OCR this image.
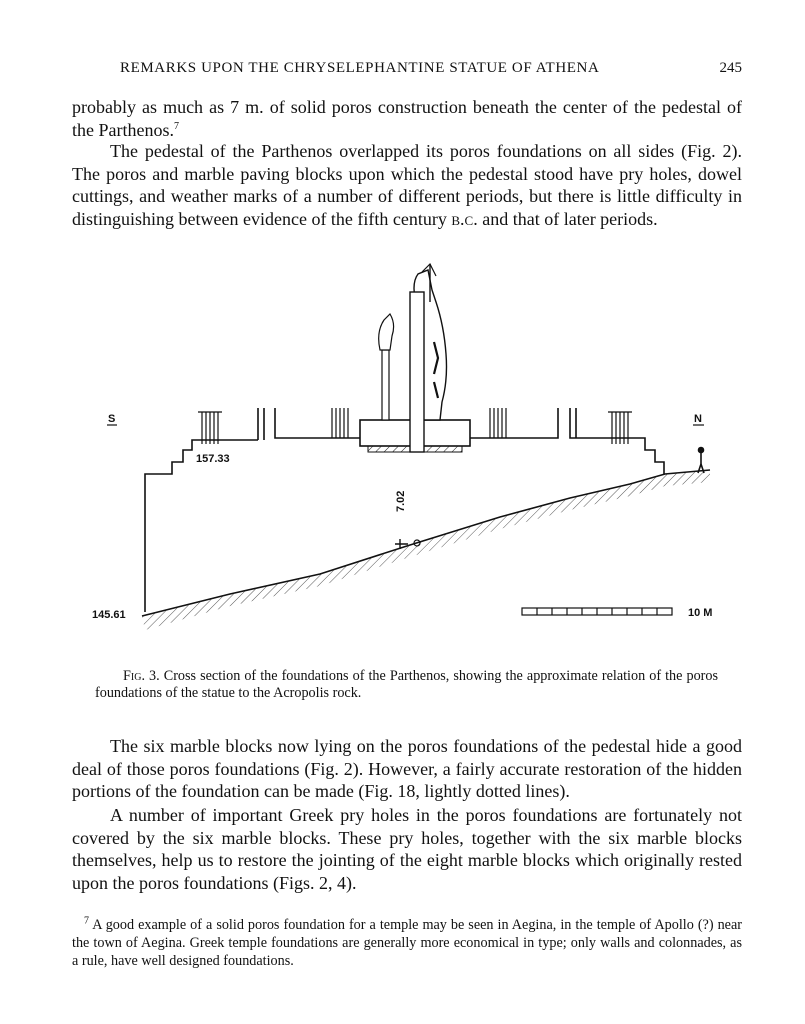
REMARKS UPON THE CHRYSELEPHANTINE STATUE OF ATHENA	245

probably as much as 7 m. of solid poros construction beneath the center of the pedestal of the Parthenos.$^7$

The pedestal of the Parthenos overlapped its poros foundations on all sides (Fig. 2). The poros and marble paving blocks upon which the pedestal stood have pry holes, dowel cuttings, and weather marks of a number of different periods, but there is little difficulty in distinguishing between evidence of the fifth century b.c. and that of later periods.

7.02
S	N
157.33
145.61	10 M

Fig. 3. Cross section of the foundations of the Parthenos, showing the approximate relation of the poros foundations of the statue to the Acropolis rock.

The six marble blocks now lying on the poros foundations of the pedestal hide a good deal of those poros foundations (Fig. 2). However, a fairly accurate restoration of the hidden portions of the foundation can be made (Fig. 18, lightly dotted lines).

A number of important Greek pry holes in the poros foundations are fortunately not covered by the six marble blocks. These pry holes, together with the six marble blocks themselves, help us to restore the jointing of the eight marble blocks which originally rested upon the poros foundations (Figs. 2, 4).

$^7$ A good example of a solid poros foundation for a temple may be seen in Aegina, in the temple of Apollo (?) near the town of Aegina. Greek temple foundations are generally more economical in type; only walls and colonnades, as a rule, have well designed foundations.
